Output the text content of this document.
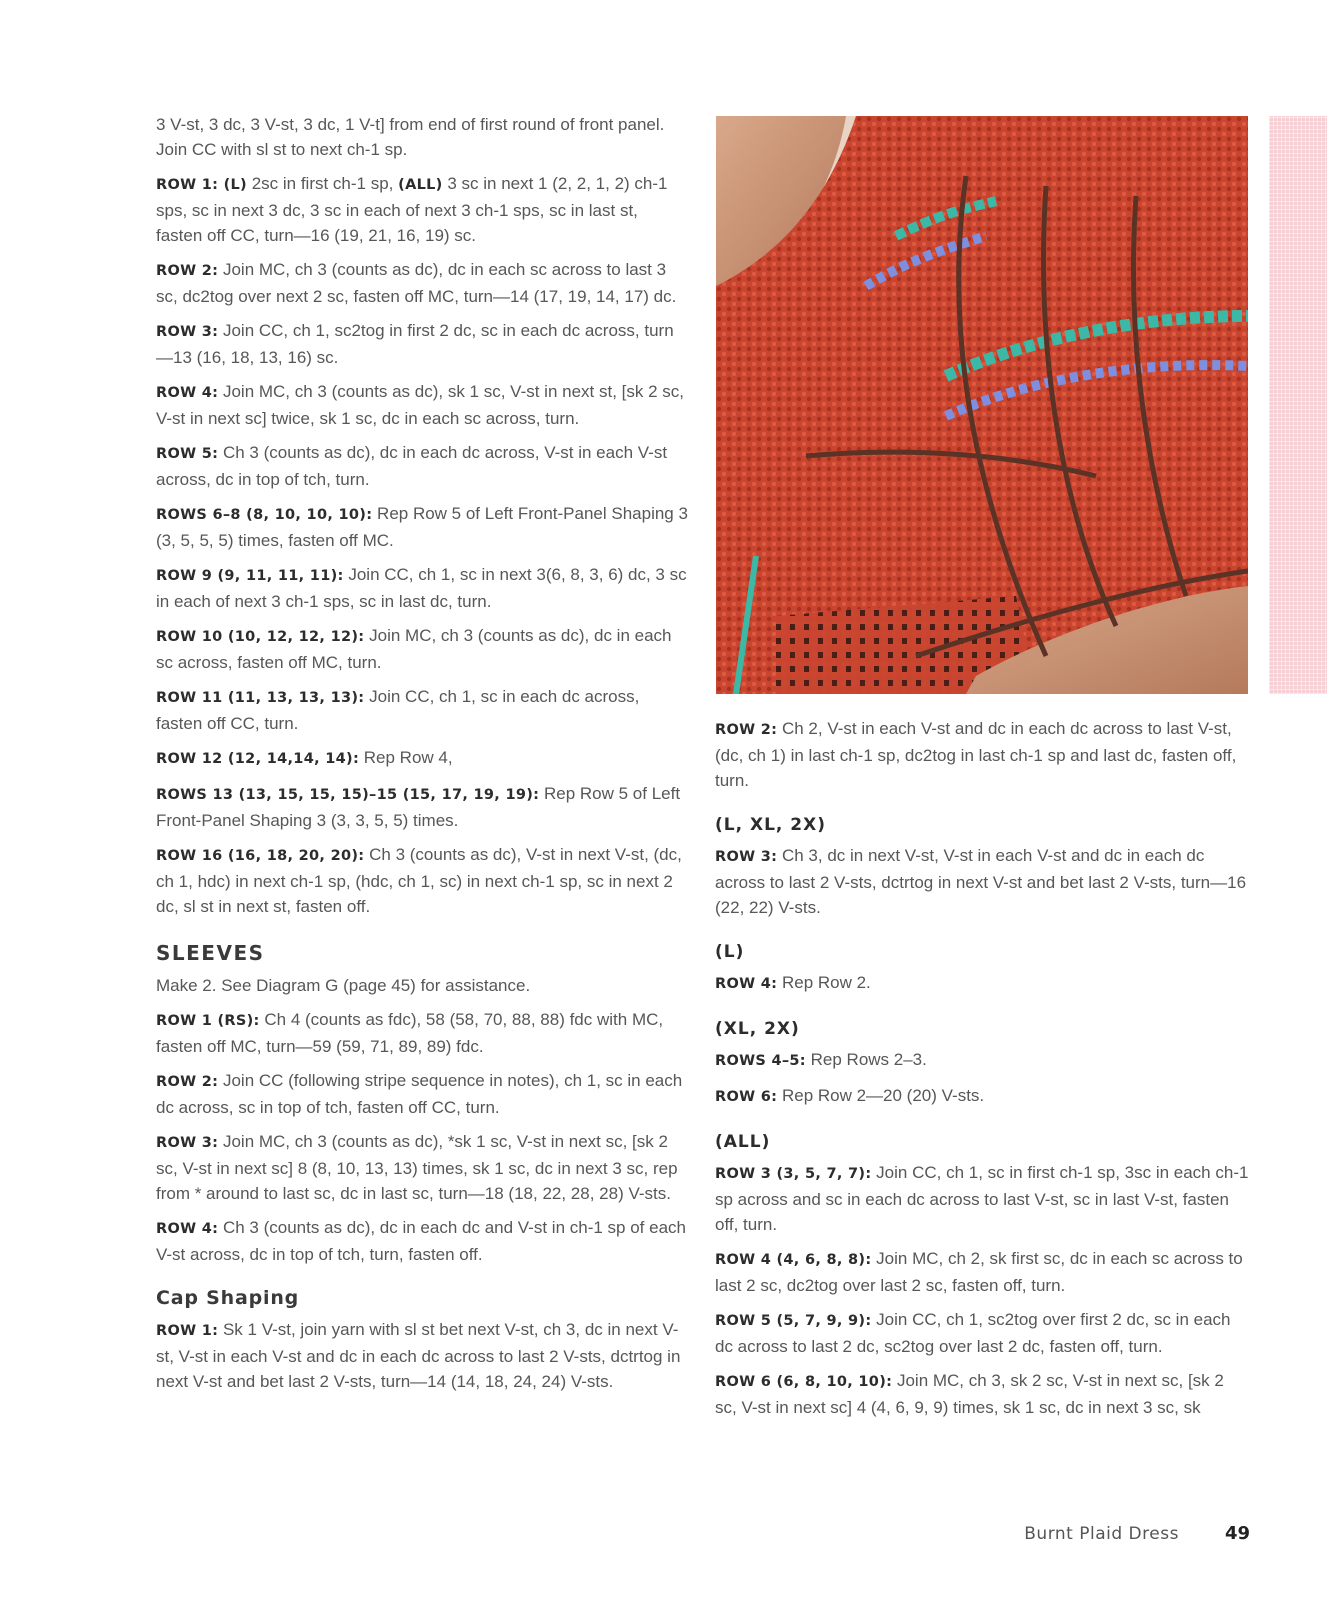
3 V-st, 3 dc, 3 V-st, 3 dc, 1 V-t] from end of first round of front panel. Join CC with sl st to next ch-1 sp.

ROW 1: (L) 2sc in first ch-1 sp, (ALL) 3 sc in next 1 (2, 2, 1, 2) ch-1 sps, sc in next 3 dc, 3 sc in each of next 3 ch-1 sps, sc in last st, fasten off CC, turn—16 (19, 21, 16, 19) sc.

ROW 2: Join MC, ch 3 (counts as dc), dc in each sc across to last 3 sc, dc2tog over next 2 sc, fasten off MC, turn—14 (17, 19, 14, 17) dc.

ROW 3: Join CC, ch 1, sc2tog in first 2 dc, sc in each dc across, turn—13 (16, 18, 13, 16) sc.

ROW 4: Join MC, ch 3 (counts as dc), sk 1 sc, V-st in next st, [sk 2 sc, V-st in next sc] twice, sk 1 sc, dc in each sc across, turn.

ROW 5: Ch 3 (counts as dc), dc in each dc across, V-st in each V-st across, dc in top of tch, turn.

ROWS 6–8 (8, 10, 10, 10): Rep Row 5 of Left Front-Panel Shaping 3 (3, 5, 5, 5) times, fasten off MC.

ROW 9 (9, 11, 11, 11): Join CC, ch 1, sc in next 3(6, 8, 3, 6) dc, 3 sc in each of next 3 ch-1 sps, sc in last dc, turn.

ROW 10 (10, 12, 12, 12): Join MC, ch 3 (counts as dc), dc in each sc across, fasten off MC, turn.

ROW 11 (11, 13, 13, 13): Join CC, ch 1, sc in each dc across, fasten off CC, turn.

ROW 12 (12, 14,14, 14): Rep Row 4,

ROWS 13 (13, 15, 15, 15)–15 (15, 17, 19, 19): Rep Row 5 of Left Front-Panel Shaping 3 (3, 3, 5, 5) times.

ROW 16 (16, 18, 20, 20): Ch 3 (counts as dc), V-st in next V-st, (dc, ch 1, hdc) in next ch-1 sp, (hdc, ch 1, sc) in next ch-1 sp, sc in next 2 dc, sl st in next st, fasten off.

SLEEVES

Make 2. See Diagram G (page 45) for assistance.

ROW 1 (RS): Ch 4 (counts as fdc), 58 (58, 70, 88, 88) fdc with MC, fasten off MC, turn—59 (59, 71, 89, 89) fdc.

ROW 2: Join CC (following stripe sequence in notes), ch 1, sc in each dc across, sc in top of tch, fasten off CC, turn.

ROW 3: Join MC, ch 3 (counts as dc), *sk 1 sc, V-st in next sc, [sk 2 sc, V-st in next sc] 8 (8, 10, 13, 13) times, sk 1 sc, dc in next 3 sc, rep from * around to last sc, dc in last sc, turn—18 (18, 22, 28, 28) V-sts.

ROW 4: Ch 3 (counts as dc), dc in each dc and V-st in ch-1 sp of each V-st across, dc in top of tch, turn, fasten off.

Cap Shaping

ROW 1: Sk 1 V-st, join yarn with sl st bet next V-st, ch 3, dc in next V-st, V-st in each V-st and dc in each dc across to last 2 V-sts, dctrtog in next V-st and bet last 2 V-sts, turn—14 (14, 18, 24, 24) V-sts.

ROW 2: Ch 2, V-st in each V-st and dc in each dc across to last V-st, (dc, ch 1) in last ch-1 sp, dc2tog in last ch-1 sp and last dc, fasten off, turn.

(L, XL, 2X)

ROW 3: Ch 3, dc in next V-st, V-st in each V-st and dc in each dc across to last 2 V-sts, dctrtog in next V-st and bet last 2 V-sts, turn—16 (22, 22) V-sts.

(L)

ROW 4: Rep Row 2.

(XL, 2X)

ROWS 4–5: Rep Rows 2–3.

ROW 6: Rep Row 2—20 (20) V-sts.

(ALL)

ROW 3 (3, 5, 7, 7): Join CC, ch 1, sc in first ch-1 sp, 3sc in each ch-1 sp across and sc in each dc across to last V-st, sc in last V-st, fasten off, turn.

ROW 4 (4, 6, 8, 8): Join MC, ch 2, sk first sc, dc in each sc across to last 2 sc, dc2tog over last 2 sc, fasten off, turn.

ROW 5 (5, 7, 9, 9): Join CC, ch 1, sc2tog over first 2 dc, sc in each dc across to last 2 dc, sc2tog over last 2 dc, fasten off, turn.

ROW 6 (6, 8, 10, 10): Join MC, ch 3, sk 2 sc, V-st in next sc, [sk 2 sc, V-st in next sc] 4 (4, 6, 9, 9) times, sk 1 sc, dc in next 3 sc, sk

Burnt Plaid Dress	49
